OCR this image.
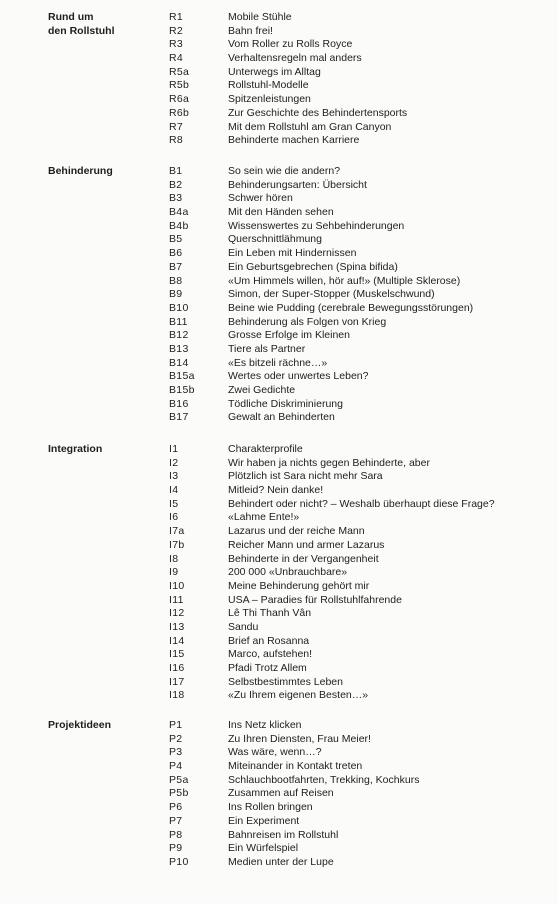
Rund um
den Rollstuhl
R1	Mobile Stühle
R2	Bahn frei!
R3	Vom Roller zu Rolls Royce
R4	Verhaltensregeln mal anders
R5a	Unterwegs im Alltag
R5b	Rollstuhl-Modelle
R6a	Spitzenleistungen
R6b	Zur Geschichte des Behindertensports
R7	Mit dem Rollstuhl am Gran Canyon
R8	Behinderte machen Karriere
Behinderung	B1	So sein wie die andern?
B2	Behinderungsarten: Übersicht
B3	Schwer hören
B4a	Mit den Händen sehen
B4b	Wissenswertes zu Sehbehinderungen
B5	Querschnittlähmung
B6	Ein Leben mit Hindernissen
B7	Ein Geburtsgebrechen (Spina bifida)
B8	«Um Himmels willen, hör auf!» (Multiple Sklerose)
B9	Simon, der Super-Stopper (Muskelschwund)
B10	Beine wie Pudding (cerebrale Bewegungsstörungen)
B11	Behinderung als Folgen von Krieg
B12	Grosse Erfolge im Kleinen
B13	Tiere als Partner
B14	«Es bitzeli rächne…»
B15a	Wertes oder unwertes Leben?
B15b	Zwei Gedichte
B16	Tödliche Diskriminierung
B17	Gewalt an Behinderten
Integration	I1	Charakterprofile
I2	Wir haben ja nichts gegen Behinderte, aber
I3	Plötzlich ist Sara nicht mehr Sara
I4	Mitleid? Nein danke!
I5	Behindert oder nicht? – Weshalb überhaupt diese Frage?
I6	«Lahme Ente!»
I7a	Lazarus und der reiche Mann
I7b	Reicher Mann und armer Lazarus
I8	Behinderte in der Vergangenheit
I9	200 000 «Unbrauchbare»
I10	Meine Behinderung gehört mir
I11	USA – Paradies für Rollstuhlfahrende
I12	Lê Thi Thanh Vân
I13	Sandu
I14	Brief an Rosanna
I15	Marco, aufstehen!
I16	Pfadi Trotz Allem
I17	Selbstbestimmtes Leben
I18	«Zu Ihrem eigenen Besten…»
Projektideen	P1	Ins Netz klicken
P2	Zu Ihren Diensten, Frau Meier!
P3	Was wäre, wenn…?
P4	Miteinander in Kontakt treten
P5a	Schlauchbootfahrten, Trekking, Kochkurs
P5b	Zusammen auf Reisen
P6	Ins Rollen bringen
P7	Ein Experiment
P8	Bahnreisen im Rollstuhl
P9	Ein Würfelspiel
P10	Medien unter der Lupe
